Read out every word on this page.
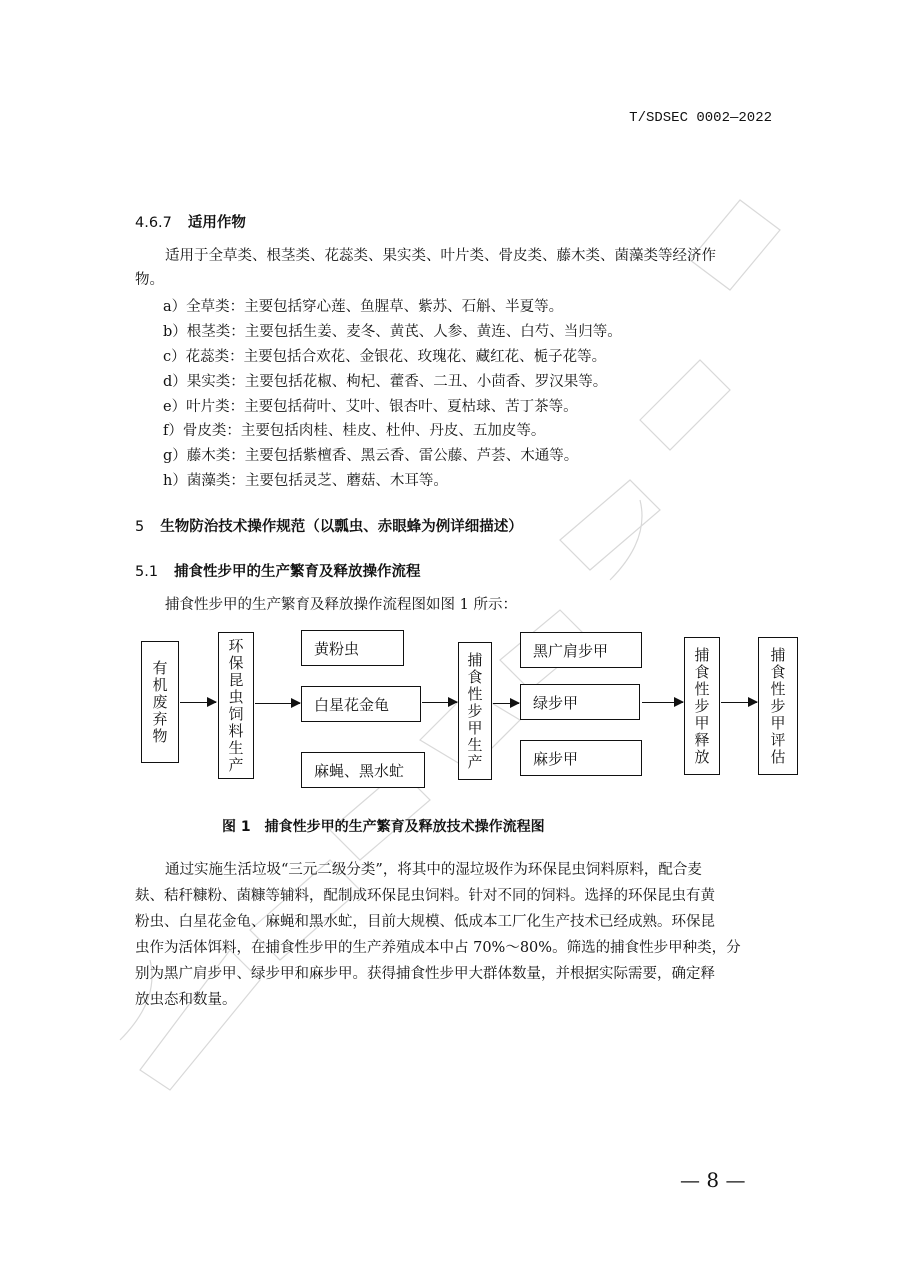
T/SDSEC 0002—2022
4.6.7 适用作物
适用于全草类、根茎类、花蕊类、果实类、叶片类、骨皮类、藤木类、菌藻类等经济作
物。
a）全草类：主要包括穿心莲、鱼腥草、紫苏、石斛、半夏等。
b）根茎类：主要包括生姜、麦冬、黄芪、人参、黄连、白芍、当归等。
c）花蕊类：主要包括合欢花、金银花、玫瑰花、藏红花、栀子花等。
d）果实类：主要包括花椒、枸杞、藿香、二丑、小茴香、罗汉果等。
e）叶片类：主要包括荷叶、艾叶、银杏叶、夏枯球、苦丁茶等。
f）骨皮类：主要包括肉桂、桂皮、杜仲、丹皮、五加皮等。
g）藤木类：主要包括紫檀香、黑云香、雷公藤、芦荟、木通等。
h）菌藻类：主要包括灵芝、蘑菇、木耳等。
5 生物防治技术操作规范（以瓢虫、赤眼蜂为例详细描述）
5.1 捕食性步甲的生产繁育及释放操作流程
捕食性步甲的生产繁育及释放操作流程图如图 1 所示：
有机废弃物
环保昆虫饲料生产
黄粉虫
白星花金龟
麻蝇、黑水虻
捕食性步甲生产
黑广肩步甲
绿步甲
麻步甲
捕食性步甲释放
捕食性步甲评估
图 1　捕食性步甲的生产繁育及释放技术操作流程图
通过实施生活垃圾“三元二级分类”，将其中的湿垃圾作为环保昆虫饲料原料，配合麦
麸、秸秆糠粉、菌糠等辅料，配制成环保昆虫饲料。针对不同的饲料。选择的环保昆虫有黄
粉虫、白星花金龟、麻蝇和黑水虻，目前大规模、低成本工厂化生产技术已经成熟。环保昆
虫作为活体饵料，在捕食性步甲的生产养殖成本中占 70%～80%。筛选的捕食性步甲种类，分
别为黑广肩步甲、绿步甲和麻步甲。获得捕食性步甲大群体数量，并根据实际需要，确定释
放虫态和数量。
— 8 —
